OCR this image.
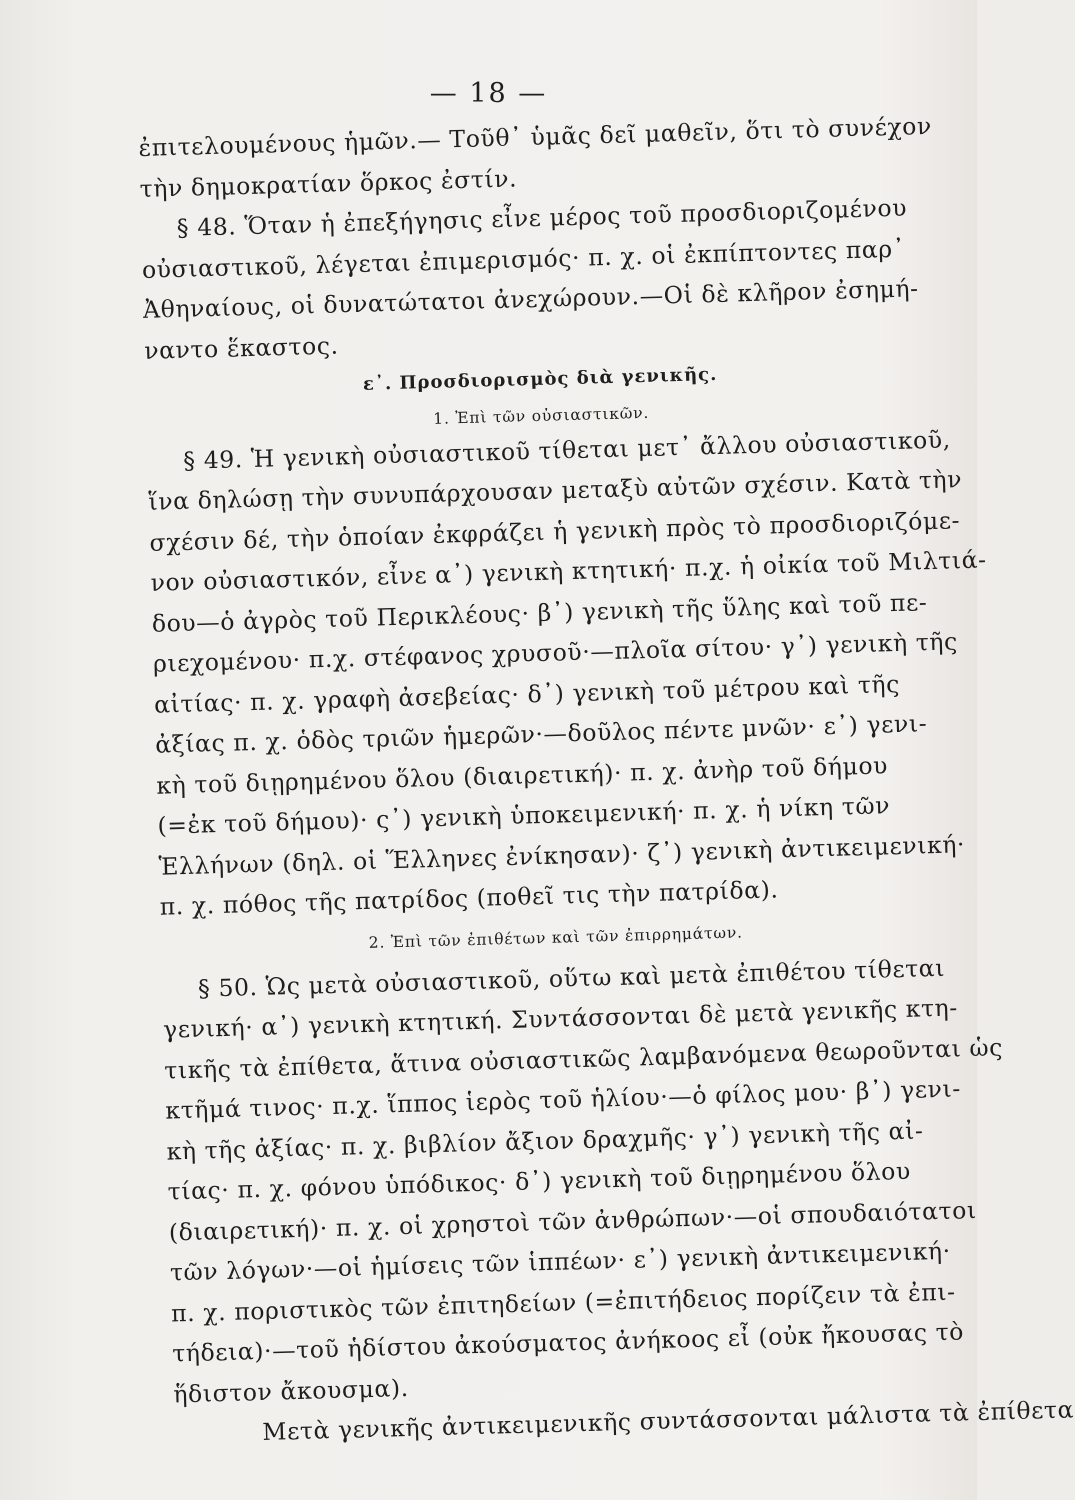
— 18 —
ἐπιτελουμένους ἡμῶν.— Τοῦθ᾽ ὑμᾶς δεῖ μαθεῖν, ὅτι τὸ συνέχον
τὴν δημοκρατίαν ὅρκος ἐστίν.
§ 48. Ὅταν ἡ ἐπεξήγησις εἶνε μέρος τοῦ προσδιοριζομένου
οὐσιαστικοῦ, λέγεται ἐπιμερισμός· π. χ. οἱ ἐκπίπτοντες παρ᾽
Ἀθηναίους, οἱ δυνατώτατοι ἀνεχώρουν.—Οἱ δὲ κλῆρον ἐσημή-
ναντο ἕκαστος.
ε᾽. Προσδιορισμὸς διὰ γενικῆς.
1. Ἐπὶ τῶν οὐσιαστικῶν.
§ 49. Ἡ γενικὴ οὐσιαστικοῦ τίθεται μετ᾽ ἄλλου οὐσιαστικοῦ,
ἵνα δηλώσῃ τὴν συνυπάρχουσαν μεταξὺ αὐτῶν σχέσιν. Κατὰ τὴν
σχέσιν δέ, τὴν ὁποίαν ἐκφράζει ἡ γενικὴ πρὸς τὸ προσδιοριζόμε-
νον οὐσιαστικόν, εἶνε α᾽) γενικὴ κτητική· π.χ. ἡ οἰκία τοῦ Μιλτιά-
δου—ὁ ἀγρὸς τοῦ Περικλέους· β᾽) γενικὴ τῆς ὕλης καὶ τοῦ πε-
ριεχομένου· π.χ. στέφανος χρυσοῦ·—πλοῖα σίτου· γ᾽) γενικὴ τῆς
αἰτίας· π. χ. γραφὴ ἀσεβείας· δ᾽) γενικὴ τοῦ μέτρου καὶ τῆς
ἀξίας π. χ. ὁδὸς τριῶν ἡμερῶν·—δοῦλος πέντε μνῶν· ε᾽) γενι-
κὴ τοῦ διῃρημένου ὅλου (διαιρετική)· π. χ. ἀνὴρ τοῦ δήμου
(=ἐκ τοῦ δήμου)· ς᾽) γενικὴ ὑποκειμενική· π. χ. ἡ νίκη τῶν
Ἑλλήνων (δηλ. οἱ Ἕλληνες ἐνίκησαν)· ζ᾽) γενικὴ ἀντικειμενική·
π. χ. πόθος τῆς πατρίδος (ποθεῖ τις τὴν πατρίδα).
2. Ἐπὶ τῶν ἐπιθέτων καὶ τῶν ἐπιρρημάτων.
§ 50. Ὡς μετὰ οὐσιαστικοῦ, οὕτω καὶ μετὰ ἐπιθέτου τίθεται
γενική· α᾽) γενικὴ κτητική. Συντάσσονται δὲ μετὰ γενικῆς κτη-
τικῆς τὰ ἐπίθετα, ἅτινα οὐσιαστικῶς λαμβανόμενα θεωροῦνται ὡς
κτῆμά τινος· π.χ. ἵππος ἱερὸς τοῦ ἡλίου·—ὁ φίλος μου· β᾽) γενι-
κὴ τῆς ἀξίας· π. χ. βιβλίον ἄξιον δραχμῆς· γ᾽) γενικὴ τῆς αἰ-
τίας· π. χ. φόνου ὑπόδικος· δ᾽) γενικὴ τοῦ διῃρημένου ὅλου
(διαιρετική)· π. χ. οἱ χρηστοὶ τῶν ἀνθρώπων·—οἱ σπουδαιότατοι
τῶν λόγων·—οἱ ἡμίσεις τῶν ἱππέων· ε᾽) γενικὴ ἀντικειμενική·
π. χ. ποριστικὸς τῶν ἐπιτηδείων (=ἐπιτήδειος πορίζειν τὰ ἐπι-
τήδεια)·—τοῦ ἡδίστου ἀκούσματος ἀνήκοος εἶ (οὐκ ἤκουσας τὸ
ἥδιστον ἄκουσμα).
Μετὰ γενικῆς ἀντικειμενικῆς συντάσσονται μάλιστα τὰ ἐπίθετα
